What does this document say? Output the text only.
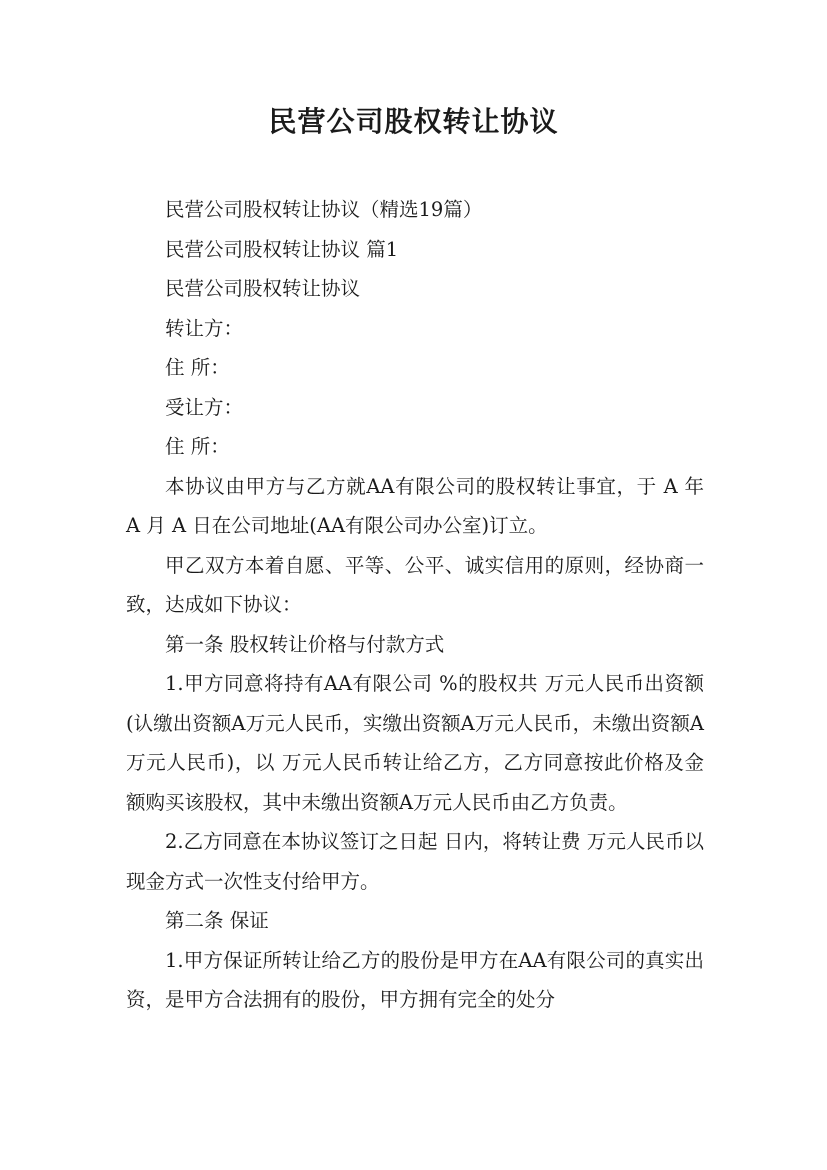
民营公司股权转让协议

民营公司股权转让协议（精选19篇）

民营公司股权转让协议 篇1

民营公司股权转让协议

转让方：

住 所：

受让方：

住 所：

本协议由甲方与乙方就AA有限公司的股权转让事宜，于 A 年 A 月 A 日在公司地址(AA有限公司办公室)订立。

甲乙双方本着自愿、平等、公平、诚实信用的原则，经协商一致，达成如下协议：

第一条 股权转让价格与付款方式

1.甲方同意将持有AA有限公司 %的股权共 万元人民币出资额(认缴出资额A万元人民币，实缴出资额A万元人民币，未缴出资额A万元人民币)，以 万元人民币转让给乙方，乙方同意按此价格及金额购买该股权，其中未缴出资额A万元人民币由乙方负责。

2.乙方同意在本协议签订之日起 日内，将转让费 万元人民币以现金方式一次性支付给甲方。

第二条 保证

1.甲方保证所转让给乙方的股份是甲方在AA有限公司的真实出资，是甲方合法拥有的股份，甲方拥有完全的处分
